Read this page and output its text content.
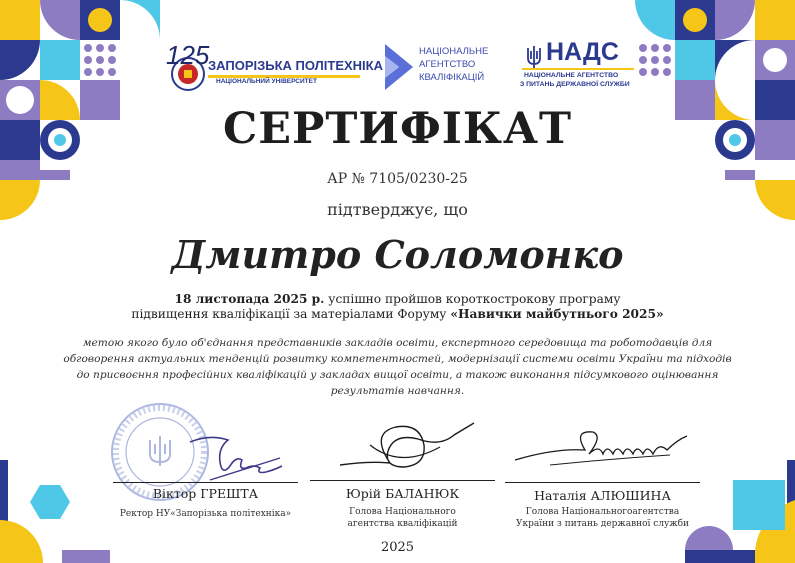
125
ЗАПОРІЗЬКА ПОЛІТЕХНІКА
НАЦІОНАЛЬНИЙ УНІВЕРСИТЕТ
НАЦІОНАЛЬНЕ
АГЕНТСТВО
КВАЛІФІКАЦІЙ
НАДС
НАЦІОНАЛЬНЕ АГЕНТСТВО
З ПИТАНЬ ДЕРЖАВНОЇ СЛУЖБИ
СЕРТИФІКАТ
АР № 7105/0230-25
підтверджує, що
Дмитро Соломонко
18 листопада 2025 р. успішно пройшов короткострокову програму
підвищення кваліфікації за матеріалами Форуму «Навички майбутнього 2025»
метою якого було об'єднання представників закладів освіти, експертного середовища та роботодавців для обговорення актуальних тенденцій розвитку компетентностей, модернізації системи освіти України та підходів до присвоєння професійних кваліфікацій у закладах вищої освіти, а також виконання підсумкового оцінювання результатів навчання.
Віктор ГРЕШТА
Ректор НУ«Запорізька політехніка»
Юрій БАЛАНЮК
Голова Національного
агентства кваліфікацій
Наталія АЛЮШИНА
Голова Національногоагентства
України з питань державної служби
2025
